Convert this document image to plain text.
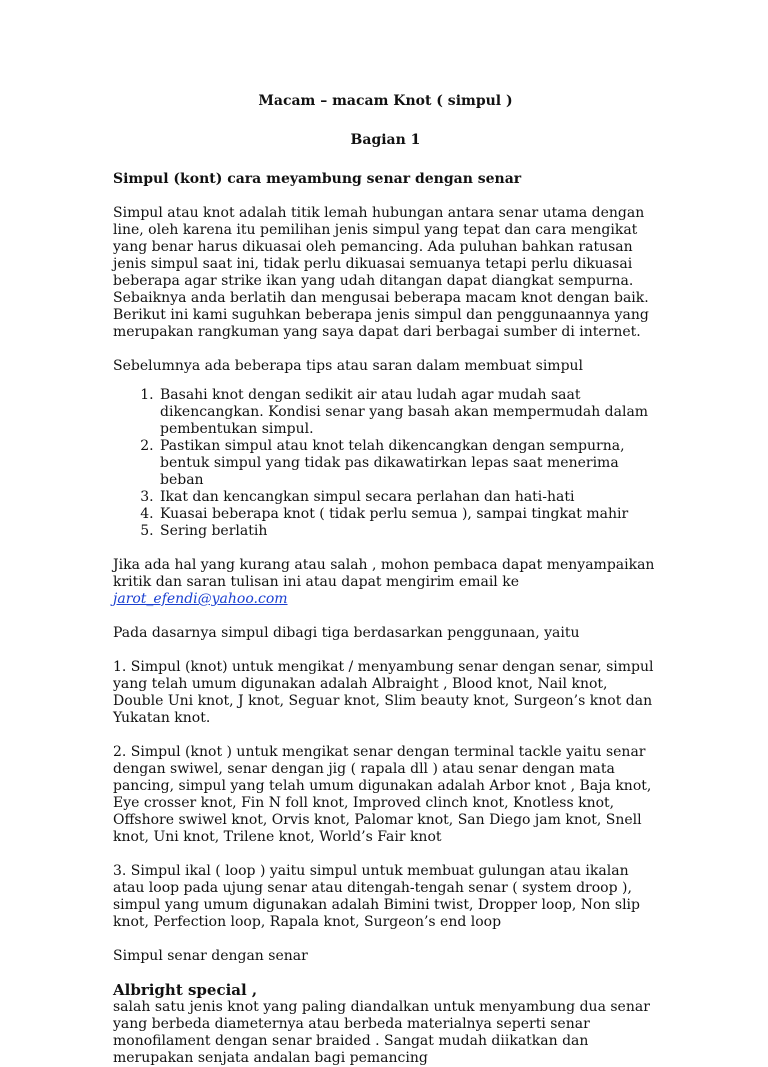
Macam – macam Knot ( simpul )

Bagian 1

Simpul (kont) cara meyambung senar dengan senar

Simpul atau knot adalah titik lemah hubungan antara senar utama dengan line, oleh karena itu pemilihan jenis simpul yang tepat dan cara mengikat yang benar harus dikuasai oleh pemancing. Ada puluhan bahkan ratusan jenis simpul saat ini, tidak perlu dikuasai semuanya tetapi perlu dikuasai beberapa agar strike ikan yang udah ditangan dapat diangkat sempurna. Sebaiknya anda berlatih dan mengusai beberapa macam knot dengan baik. Berikut ini kami suguhkan beberapa jenis simpul dan penggunaannya yang merupakan rangkuman yang saya dapat dari berbagai sumber di internet.

Sebelumnya ada beberapa tips atau saran dalam membuat simpul

1. Basahi knot dengan sedikit air atau ludah agar mudah saat dikencangkan. Kondisi senar yang basah akan mempermudah dalam pembentukan simpul.
2. Pastikan simpul atau knot telah dikencangkan dengan sempurna, bentuk simpul yang tidak pas dikawatirkan lepas saat menerima beban
3. Ikat dan kencangkan simpul secara perlahan dan hati-hati
4. Kuasai beberapa knot ( tidak perlu semua ), sampai tingkat mahir
5. Sering berlatih

Jika ada hal yang kurang atau salah , mohon pembaca dapat menyampaikan kritik dan saran tulisan ini atau dapat mengirim email ke jarot_efendi@yahoo.com

Pada dasarnya simpul dibagi tiga berdasarkan penggunaan, yaitu

1. Simpul (knot) untuk mengikat / menyambung senar dengan senar, simpul yang telah umum digunakan adalah Albraight , Blood knot, Nail knot, Double Uni knot, J knot, Seguar knot, Slim beauty knot, Surgeon’s knot dan Yukatan knot.

2. Simpul (knot ) untuk mengikat senar dengan terminal tackle yaitu senar dengan swiwel, senar dengan jig ( rapala dll ) atau senar dengan mata pancing, simpul yang telah umum digunakan adalah Arbor knot , Baja knot, Eye crosser knot, Fin N foll knot, Improved clinch knot, Knotless knot, Offshore swiwel knot, Orvis knot, Palomar knot, San Diego jam knot, Snell knot, Uni knot, Trilene knot, World’s Fair knot

3. Simpul ikal ( loop ) yaitu simpul untuk membuat gulungan atau ikalan atau loop pada ujung senar atau ditengah-tengah senar ( system droop ), simpul yang umum digunakan adalah Bimini twist, Dropper loop, Non slip knot, Perfection loop, Rapala knot, Surgeon’s end loop

Simpul senar dengan senar

Albright special ,

salah satu jenis knot yang paling diandalkan untuk menyambung dua senar yang berbeda diameternya atau berbeda materialnya seperti senar monofilament dengan senar braided . Sangat mudah diikatkan dan merupakan senjata andalan bagi pemancing
